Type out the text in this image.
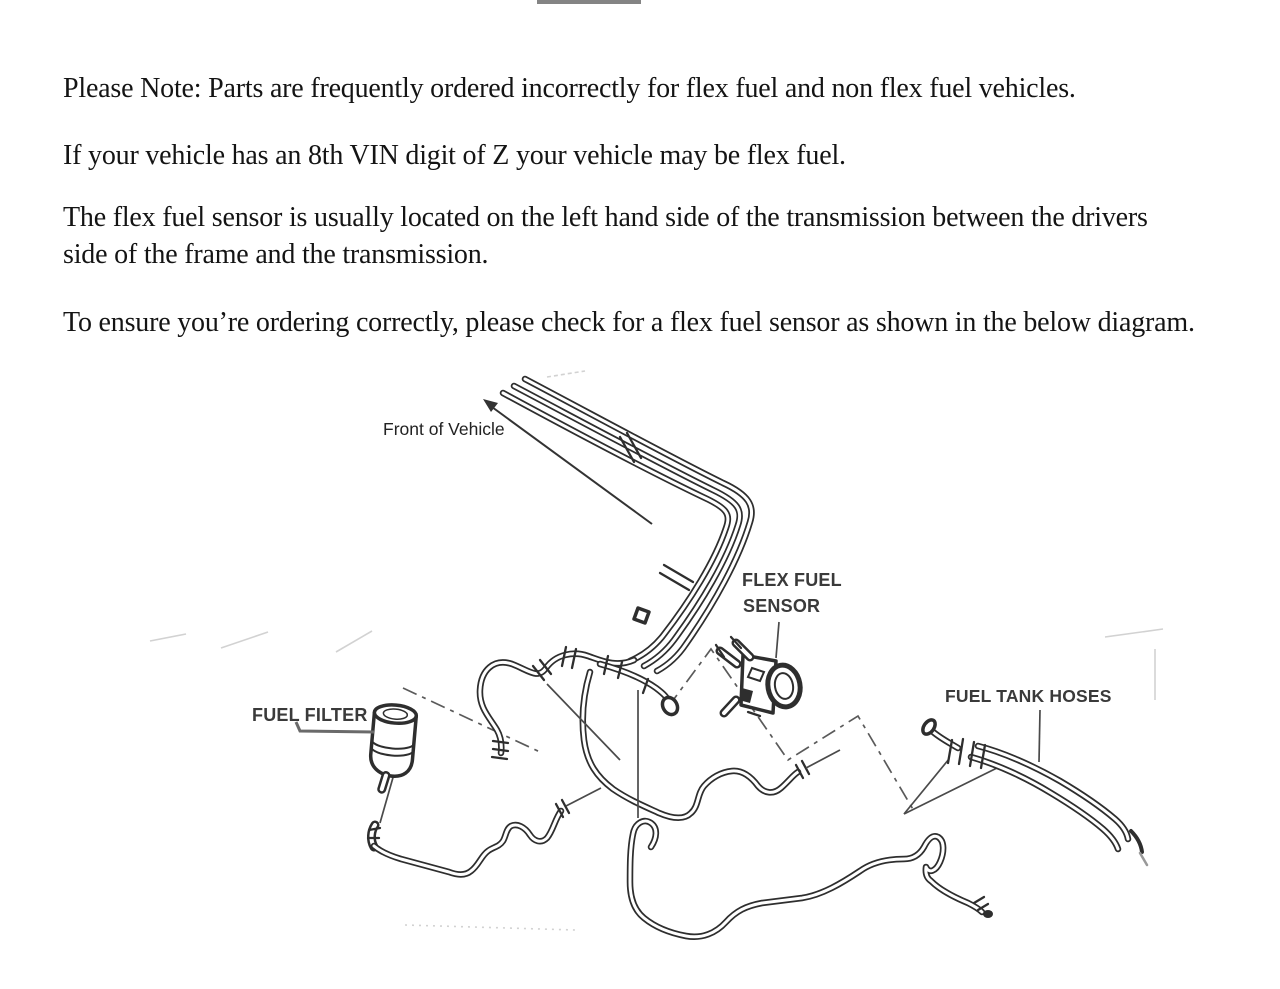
Please Note: Parts are frequently ordered incorrectly for flex fuel and non flex fuel vehicles.

If your vehicle has an 8th VIN digit of Z your vehicle may be flex fuel.

The flex fuel sensor is usually located on the left hand side of the transmission between the drivers
side of the frame and the transmission.

To ensure you’re ordering correctly, please check for a flex fuel sensor as shown in the below diagram.

Front of Vehicle
FUEL FILTER
FLEX FUEL
SENSOR
FUEL TANK HOSES
